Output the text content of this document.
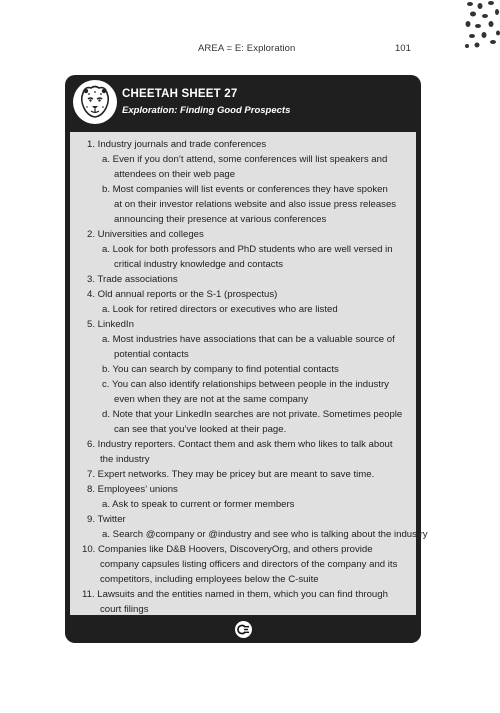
AREA = E: Exploration	101
CHEETAH SHEET 27
Exploration: Finding Good Prospects
1. Industry journals and trade conferences
a. Even if you don’t attend, some conferences will list speakers and
attendees on their web page
b. Most companies will list events or conferences they have spoken
at on their investor relations website and also issue press releases
announcing their presence at various conferences
2. Universities and colleges
a. Look for both professors and PhD students who are well versed in
critical industry knowledge and contacts
3. Trade associations
4. Old annual reports or the S-1 (prospectus)
a. Look for retired directors or executives who are listed
5. LinkedIn
a. Most industries have associations that can be a valuable source of
potential contacts
b. You can search by company to find potential contacts
c. You can also identify relationships between people in the industry
even when they are not at the same company
d. Note that your LinkedIn searches are not private. Sometimes people
can see that you’ve looked at their page.
6. Industry reporters. Contact them and ask them who likes to talk about
the industry
7. Expert networks. They may be pricey but are meant to save time.
8. Employees’ unions
a. Ask to speak to current or former members
9. Twitter
a. Search @company or @industry and see who is talking about the industry
10. Companies like D&B Hoovers, DiscoveryOrg, and others provide
company capsules listing officers and directors of the company and its
competitors, including employees below the C-suite
11. Lawsuits and the entities named in them, which you can find through
court filings
